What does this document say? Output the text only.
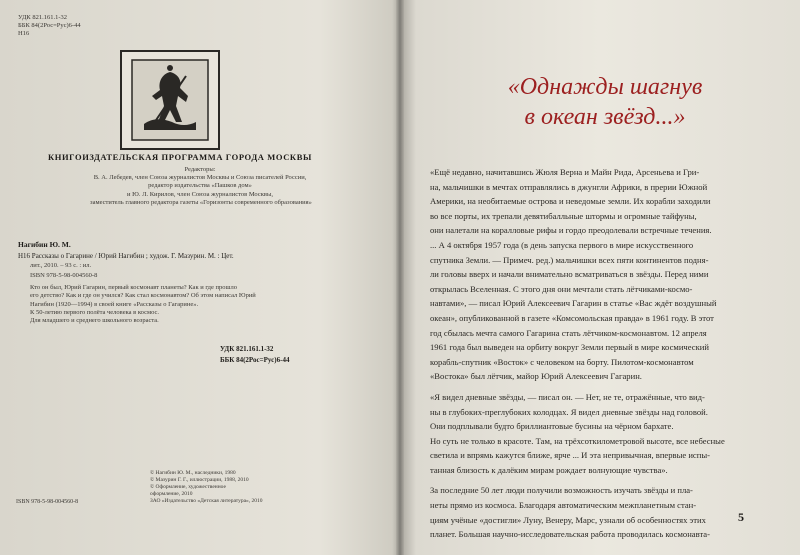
УДК 821.161.1-32
ББК 84(2Рос=Рус)6-44
Н16
КНИГОИЗДАТЕЛЬСКАЯ ПРОГРАММА ГОРОДА МОСКВЫ
Редакторы:
В. А. Лебедев, член Союза журналистов Москвы и Союза писателей России,
редактор издательства «Пашков дом»
и Ю. Л. Кирилов, член Союза журналистов Москвы,
заместитель главного редактора газеты «Горизонты современного образования»
Нагибин Ю. М.
Н16 Рассказы о Гагарине / Юрий Нагибин ; худож. Г. Мазурин. М. : Цет.
лит., 2010. – 93 с. : ил.
ISBN 978-5-98-004560-8
Кто он был, Юрий Гагарин, первый космонавт планеты? Как и где прошло
его детство? Как и где он учился? Как стал космонавтом? Об этом написал Юрий
Нагибин (1920—1994) в своей книге «Рассказы о Гагарине».
К 50-летию первого полёта человека в космос.
Для младшего и среднего школьного возраста.
УДК 821.161.1-32
ББК 84(2Рос=Рус)6-44
© Нагибин Ю. М., наследники, 1980
© Мазурин Г. Г., иллюстрации, 1988, 2010
© Оформление, художественное
оформление, 2010
ЗАО «Издательство «Детская литература», 2010
ISBN 978-5-98-004560-8
«Однажды шагнув
в океан звёзд...»
«Ещё недавно, начитавшись Жюля Верна и Майн Рида, Арсеньева и Гри-
на, мальчишки в мечтах отправлялись в джунгли Африки, в прерии Южной
Америки, на необитаемые острова и неведомые земли. Их корабли заходили
во все порты, их трепали девятибалльные штормы и огромные тайфуны,
они налетали на коралловые рифы и гордо преодолевали встречные течения.
... А 4 октября 1957 года (в день запуска первого в мире искусственного
спутника Земли. — Примеч. ред.) мальчишки всех пяти континентов подня-
ли головы вверх и начали внимательно всматриваться в звёзды. Перед ними
открылась Вселенная. С этого дня они мечтали стать лётчиками-космо-
навтами», — писал Юрий Алексеевич Гагарин в статье «Вас ждёт воздушный
океан», опубликованной в газете «Комсомольская правда» в 1961 году. В этот
год сбылась мечта самого Гагарина стать лётчиком-космонавтом. 12 апреля
1961 года был выведен на орбиту вокруг Земли первый в мире космический
корабль-спутник «Восток» с человеком на борту. Пилотом-космонавтом
«Востока» был лётчик, майор Юрий Алексеевич Гагарин.
«Я видел дневные звёзды, — писал он. — Нет, не те, отражённые, что вид-
ны в глубоких-преглубоких колодцах. Я видел дневные звёзды над головой.
Они подплывали будто бриллиантовые бусины на чёрном бархате.
Но суть не только в красоте. Там, на трёхсоткилометровой высоте, все небесные
светила и впрямь кажутся ближе, ярче ... И эта непривычная, впервые испы-
танная близость к далёким мирам рождает волнующие чувства».
За последние 50 лет люди получили возможность изучать звёзды и пла-
неты прямо из космоса. Благодаря автоматическим межпланетным стан-
циям учёные «достигли» Луну, Венеру, Марс, узнали об особенностях этих
планет. Большая научно-исследовательская работа проводилась космонавта-
5
